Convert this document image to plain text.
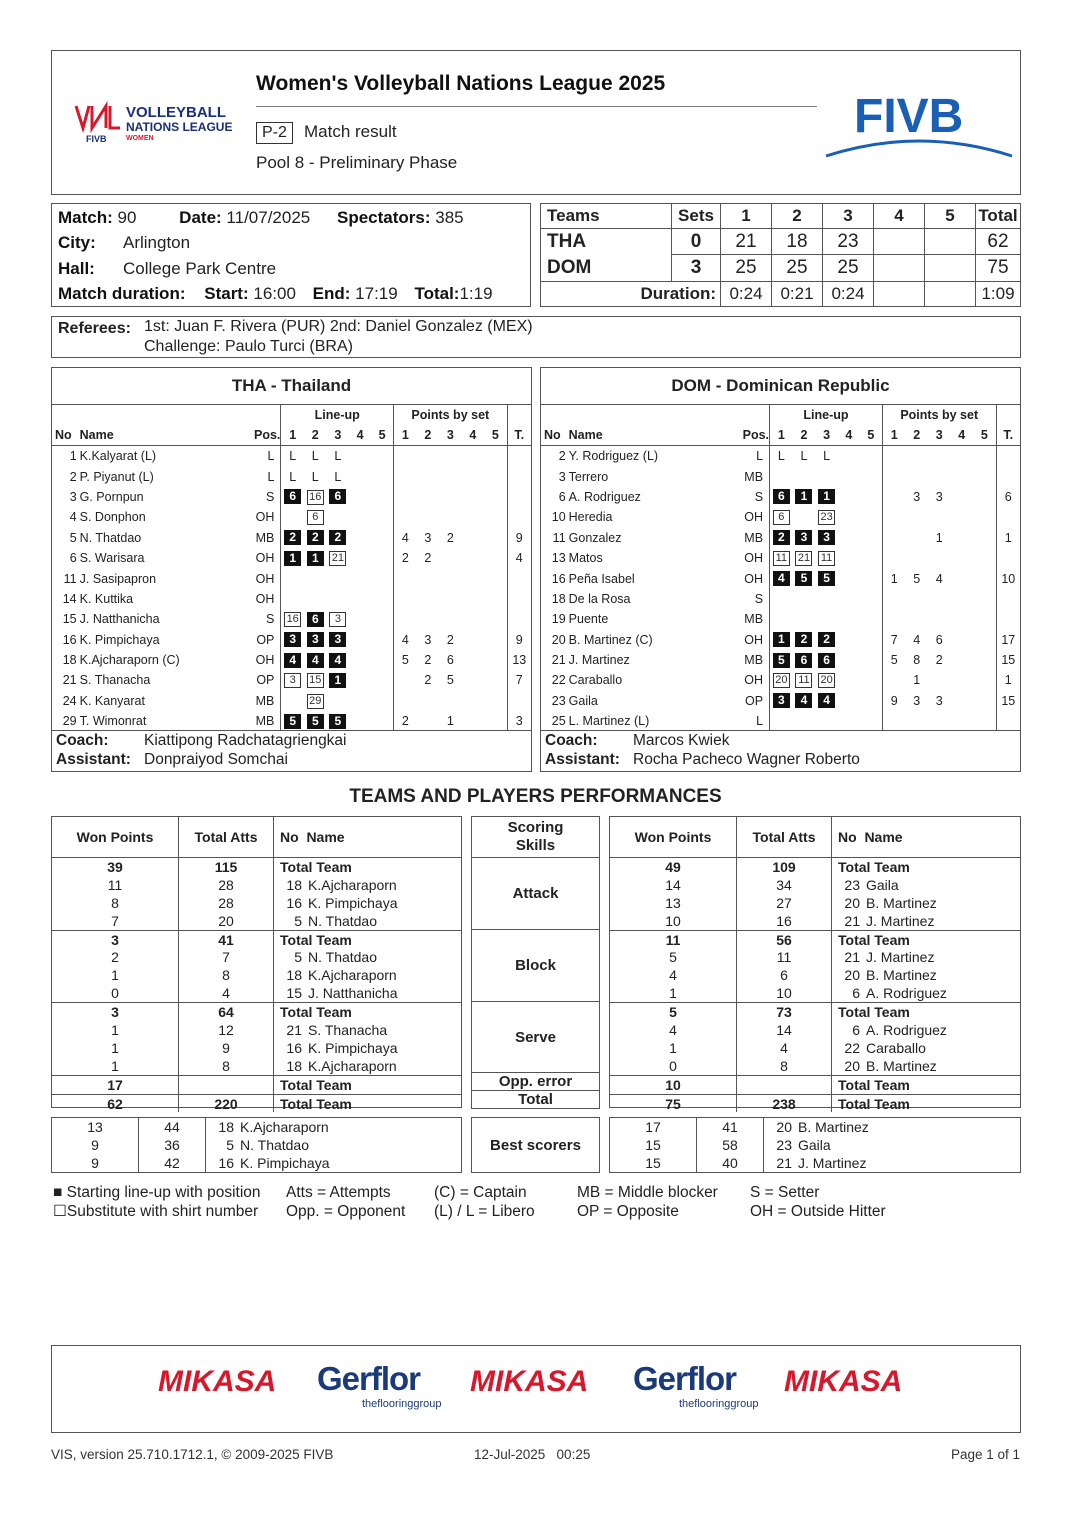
FIVB
VOLLEYBALL
NATIONS LEAGUE
WOMEN
Women's Volleyball Nations League 2025
P-2	Match result
Pool 8 - Preliminary Phase
FIVB
Match: 90	Date: 11/07/2025 Spectators: 385
City: Arlington
Hall: College Park Centre
Match duration: Start: 16:00 End: 17:19 Total:1:19
Teams	Sets	1	2	3	4	5	Total
THA	0	21	18	23			62
DOM	3	25	25	25			75
Duration:		0:24	0:21	0:24			1:09
Referees: 1st: Juan F. Rivera (PUR) 2nd: Daniel Gonzalez (MEX)
Challenge: Paulo Turci (BRA)
THA - Thailand
			Line-up					Points by set					
No	Name	Pos.	1	2	3	4	5	1	2	3	4	5	T.
1	K.Kalyarat (L)	L	L	L	L								
2	P. Piyanut (L)	L	L	L	L								
3	G. Pornpun	S	6	16	6								
4	S. Donphon	OH		6									
5	N. Thatdao	MB	2	2	2			4	3	2			9
6	S. Warisara	OH	1	1	21			2	2				4
11	J. Sasipapron	OH											
14	K. Kuttika	OH											
15	J. Natthanicha	S	16	6	3								
16	K. Pimpichaya	OP	3	3	3			4	3	2			9
18	K.Ajcharaporn (C)	OH	4	4	4			5	2	6			13
21	S. Thanacha	OP	3	15	1				2	5			7
24	K. Kanyarat	MB		29									
29	T. Wimonrat	MB	5	5	5			2		1			3
Coach: Kiattipong Radchatagriengkai
Assistant: Donpraiyod Somchai
DOM - Dominican Republic
			Line-up					Points by set					
No	Name	Pos.	1	2	3	4	5	1	2	3	4	5	T.
2	Y. Rodriguez (L)	L	L	L	L								
3	Terrero	MB											
6	A. Rodriguez	S	6	1	1				3	3			6
10	Heredia	OH	6		23								
11	Gonzalez	MB	2	3	3					1			1
13	Matos	OH	11	21	11								
16	Peña Isabel	OH	4	5	5			1	5	4			10
18	De la Rosa	S											
19	Puente	MB											
20	B. Martinez (C)	OH	1	2	2			7	4	6			17
21	J. Martinez	MB	5	6	6			5	8	2			15
22	Caraballo	OH	20	11	20				1				1
23	Gaila	OP	3	4	4			9	3	3			15
25	L. Martinez (L)	L											
Coach: Marcos Kwiek
Assistant: Rocha Pacheco Wagner Roberto
TEAMS AND PLAYERS PERFORMANCES
Won Points	Total Atts	No  Name
39	115	Total Team
11	28	18 K.Ajcharaporn
8	28	16 K. Pimpichaya
7	20	5 N. Thatdao
3	41	Total Team
2	7	5 N. Thatdao
1	8	18 K.Ajcharaporn
0	4	15 J. Natthanicha
3	64	Total Team
1	12	21 S. Thanacha
1	9	16 K. Pimpichaya
1	8	18 K.Ajcharaporn
17		Total Team
62	220	Total Team
Won Points	Total Atts	No  Name
49	109	Total Team
14	34	23 Gaila
13	27	20 B. Martinez
10	16	21 J. Martinez
11	56	Total Team
5	11	21 J. Martinez
4	6	20 B. Martinez
1	10	6 A. Rodriguez
5	73	Total Team
4	14	6 A. Rodriguez
1	4	22 Caraballo
0	8	20 B. Martinez
10		Total Team
75	238	Total Team
Scoring Skills
Attack
Block
Serve
Opp. error
Total
13	44	18 K.Ajcharaporn
9	36	5 N. Thatdao
9	42	16 K. Pimpichaya
Best scorers
17	41	20 B. Martinez
15	58	23 Gaila
15	40	21 J. Martinez
■ Starting line-up with position
☐Substitute with shirt number
Atts = Attempts
Opp. = Opponent
(C) = Captain
(L) / L = Libero
MB = Middle blocker
OP = Opposite
S = Setter
OH = Outside Hitter
MIKASA Gerflor
theflooringgroup
MIKASA Gerflor
theflooringgroup
MIKASA
VIS, version 25.710.1712.1, © 2009-2025 FIVB	12-Jul-2025   00:25	Page 1 of 1
